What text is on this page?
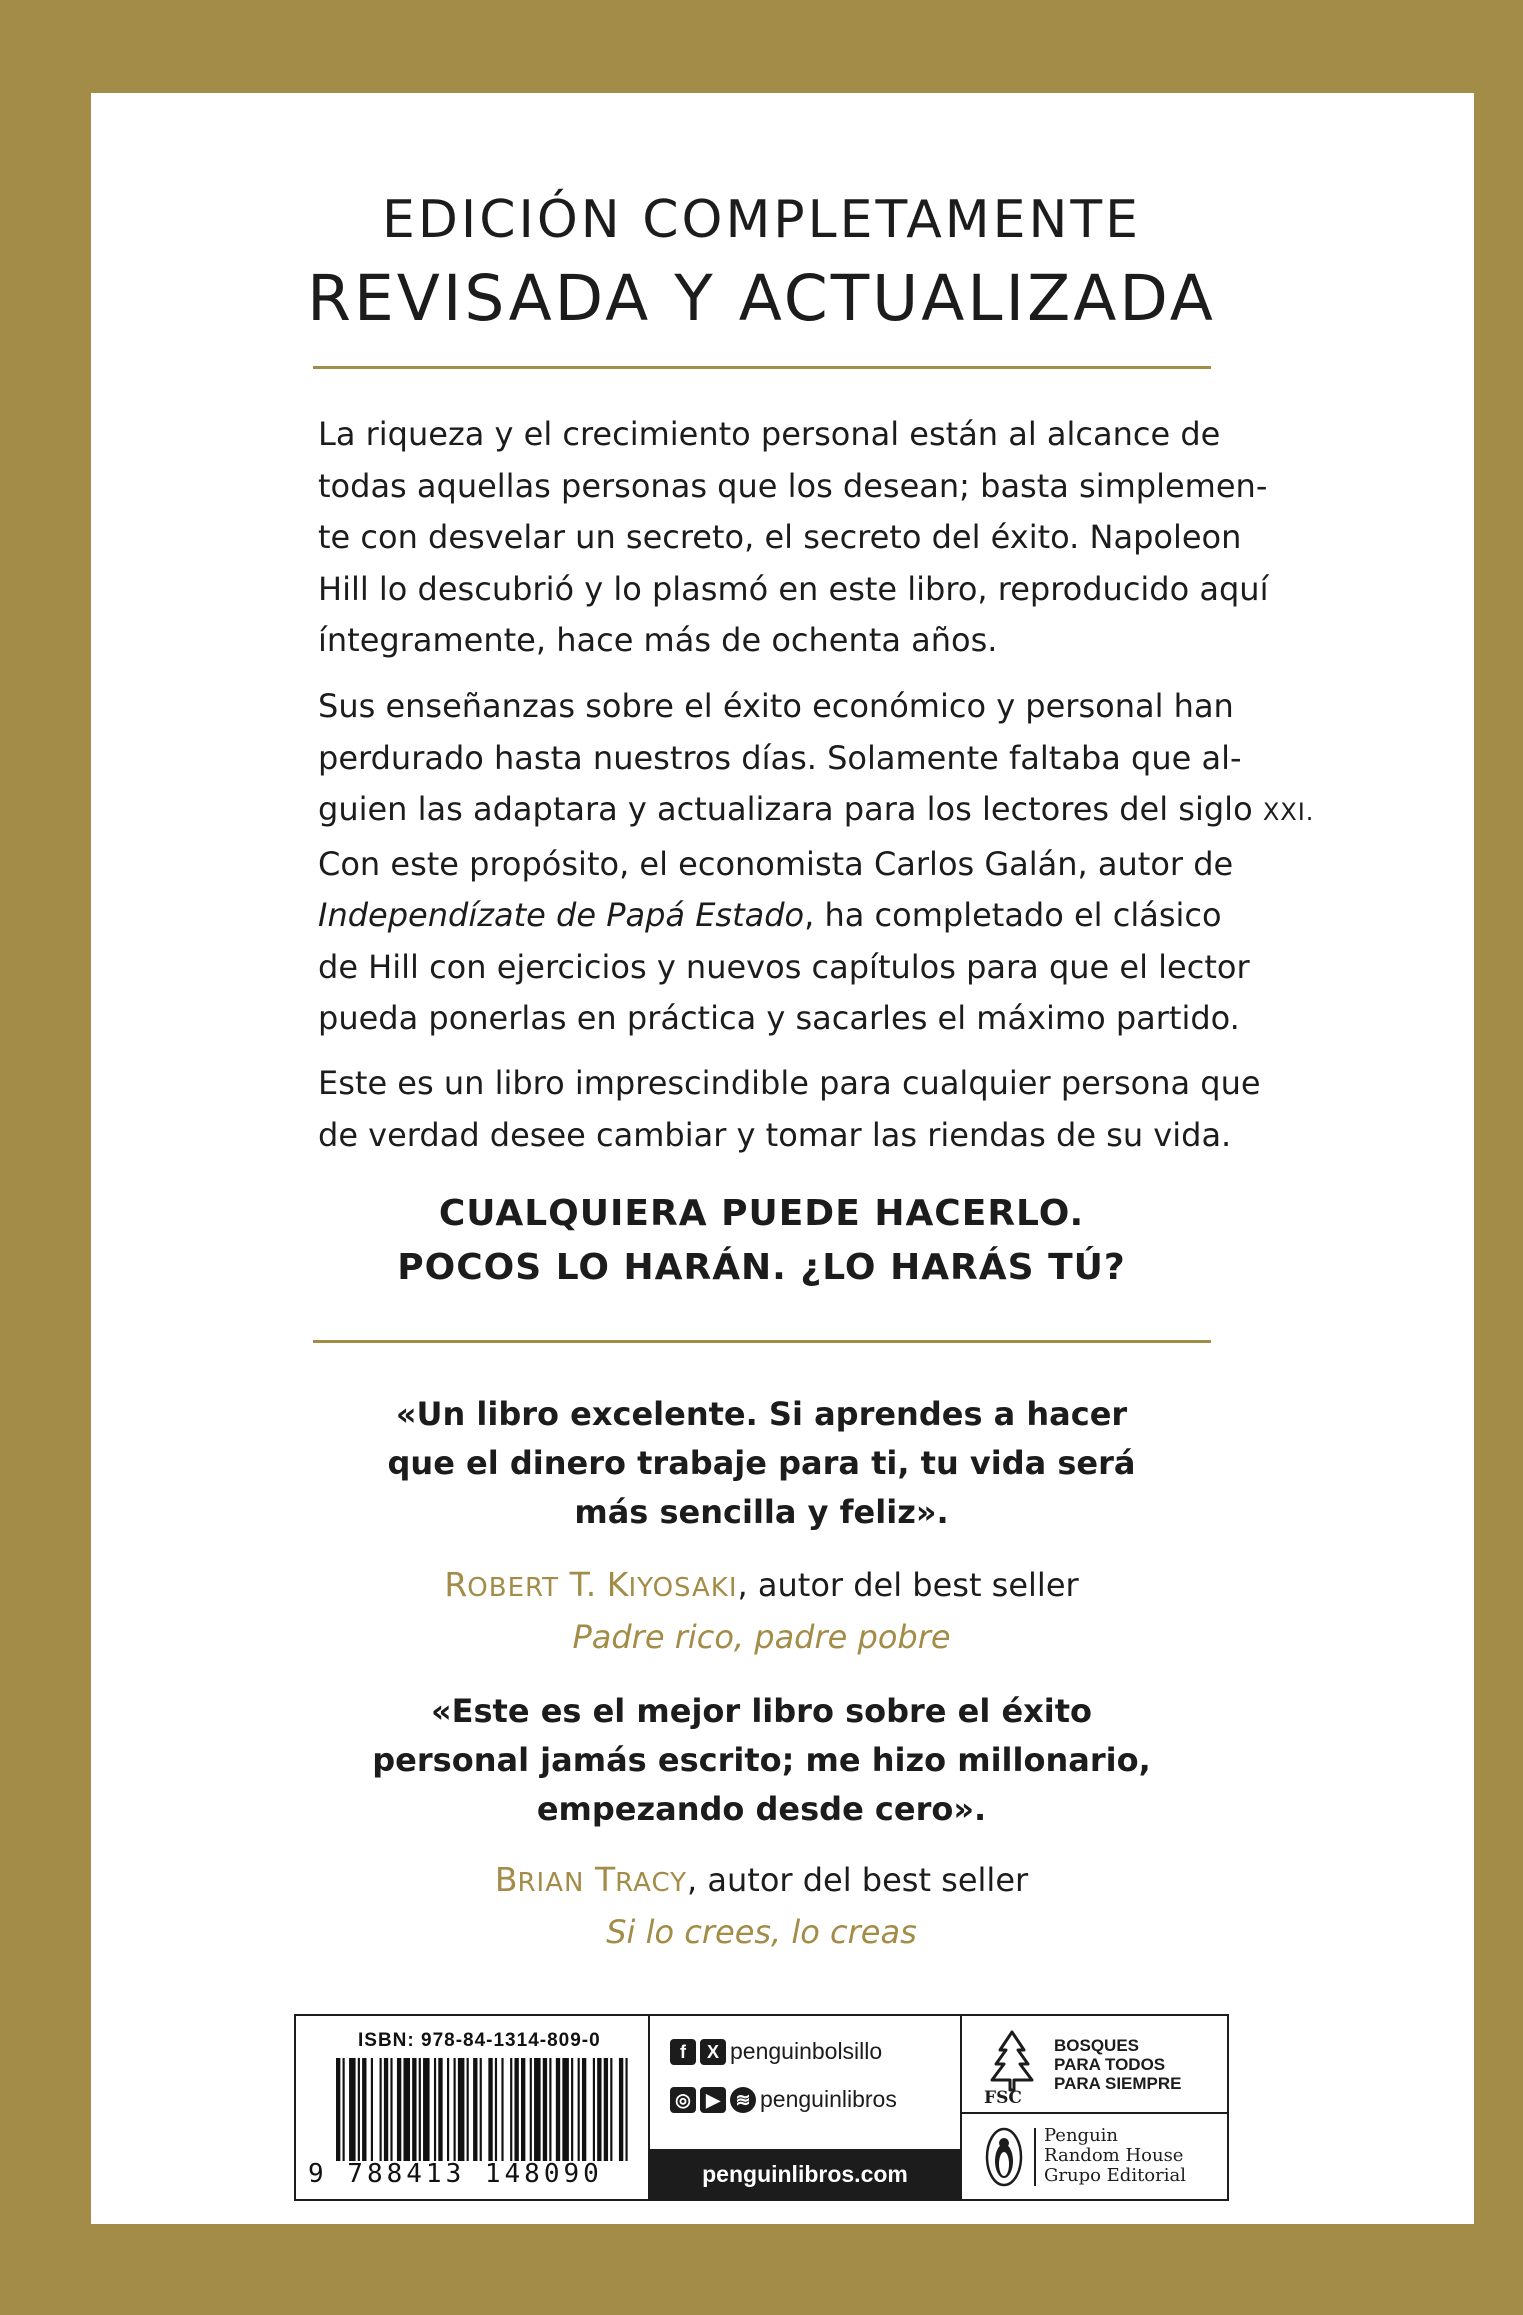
EDICIÓN COMPLETAMENTE
REVISADA Y ACTUALIZADA
La riqueza y el crecimiento personal están al alcance de
todas aquellas personas que los desean; basta simplemen-
te con desvelar un secreto, el secreto del éxito. Napoleon
Hill lo descubrió y lo plasmó en este libro, reproducido aquí
íntegramente, hace más de ochenta años.
Sus enseñanzas sobre el éxito económico y personal han
perdurado hasta nuestros días. Solamente faltaba que al-
guien las adaptara y actualizara para los lectores del siglo XXI.
Con este propósito, el economista Carlos Galán, autor de
Independízate de Papá Estado, ha completado el clásico
de Hill con ejercicios y nuevos capítulos para que el lector
pueda ponerlas en práctica y sacarles el máximo partido.
Este es un libro imprescindible para cualquier persona que
de verdad desee cambiar y tomar las riendas de su vida.
CUALQUIERA PUEDE HACERLO.
POCOS LO HARÁN. ¿LO HARÁS TÚ?
«Un libro excelente. Si aprendes a hacer
que el dinero trabaje para ti, tu vida será
más sencilla y feliz».
ROBERT T. KIYOSAKI, autor del best seller
Padre rico, padre pobre
«Este es el mejor libro sobre el éxito
personal jamás escrito; me hizo millonario,
empezando desde cero».
BRIAN TRACY, autor del best seller
Si lo crees, lo creas
ISBN: 978-84-1314-809-0
9 788413 148090
f	X penguinbolsillo
◎ ▶ ≋ penguinlibros
penguinlibros.com
FSC
BOSQUES
PARA TODOS
PARA SIEMPRE
Penguin
Random House
Grupo Editorial
